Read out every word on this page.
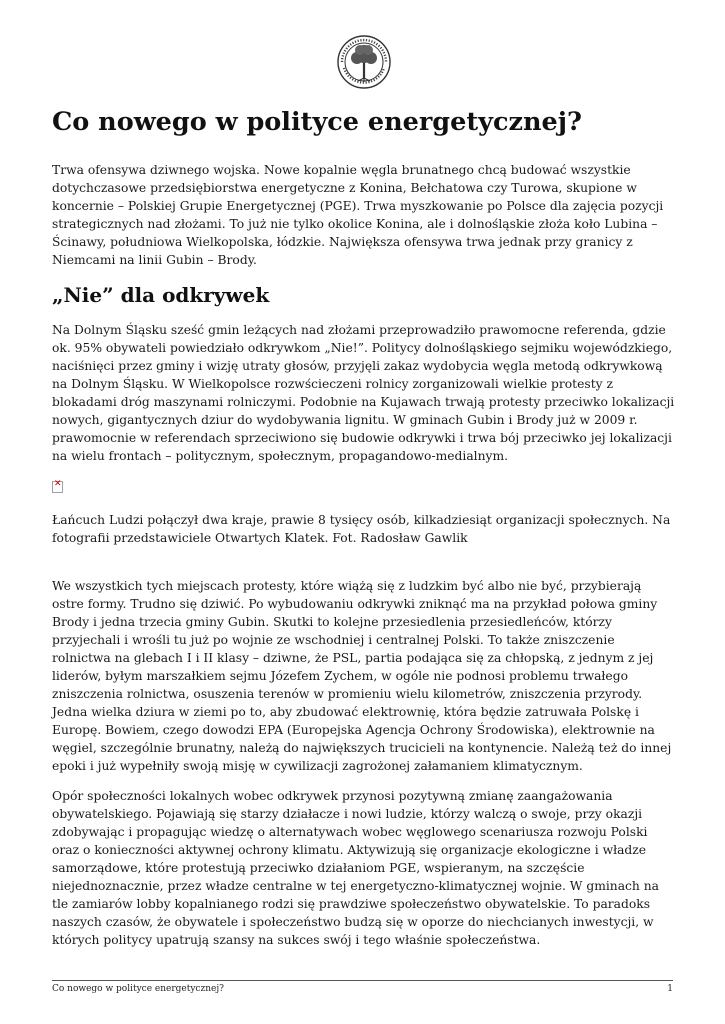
Co nowego w polityce energetycznej?

Trwa ofensywa dziwnego wojska. Nowe kopalnie węgla brunatnego chcą budować wszystkie dotychczasowe przedsiębiorstwa energetyczne z Konina, Bełchatowa czy Turowa, skupione w koncernie – Polskiej Grupie Energetycznej (PGE). Trwa myszkowanie po Polsce dla zajęcia pozycji strategicznych nad złożami. To już nie tylko okolice Konina, ale i dolnośląskie złoża koło Lubina – Ścinawy, południowa Wielkopolska, łódzkie. Największa ofensywa trwa jednak przy granicy z Niemcami na linii Gubin – Brody.

„Nie” dla odkrywek

Na Dolnym Śląsku sześć gmin leżących nad złożami przeprowadziło prawomocne referenda, gdzie ok. 95% obywateli powiedziało odkrywkom „Nie!”. Politycy dolnośląskiego sejmiku wojewódzkiego, naciśnięci przez gminy i wizję utraty głosów, przyjęli zakaz wydobycia węgla metodą odkrywkową na Dolnym Śląsku. W Wielkopolsce rozwścieczeni rolnicy zorganizowali wielkie protesty z blokadami dróg maszynami rolniczymi. Podobnie na Kujawach trwają protesty przeciwko lokalizacji nowych, gigantycznych dziur do wydobywania lignitu. W gminach Gubin i Brody już w 2009 r. prawomocnie w referendach sprzeciwiono się budowie odkrywki i trwa bój przeciwko jej lokalizacji na wielu frontach – politycznym, społecznym, propagandowo-medialnym.

✕

Łańcuch Ludzi połączył dwa kraje, prawie 8 tysięcy osób, kilkadziesiąt organizacji społecznych. Na fotografii przedstawiciele Otwartych Klatek. Fot. Radosław Gawlik

We wszystkich tych miejscach protesty, które wiążą się z ludzkim być albo nie być, przybierają ostre formy. Trudno się dziwić. Po wybudowaniu odkrywki zniknąć ma na przykład połowa gminy Brody i jedna trzecia gminy Gubin. Skutki to kolejne przesiedlenia przesiedleńców, którzy przyjechali i wrośli tu już po wojnie ze wschodniej i centralnej Polski. To także zniszczenie rolnictwa na glebach I i II klasy – dziwne, że PSL, partia podająca się za chłopską, z jednym z jej liderów, byłym marszałkiem sejmu Józefem Zychem, w ogóle nie podnosi problemu trwałego zniszczenia rolnictwa, osuszenia terenów w promieniu wielu kilometrów, zniszczenia przyrody. Jedna wielka dziura w ziemi po to, aby zbudować elektrownię, która będzie zatruwała Polskę i Europę. Bowiem, czego dowodzi EPA (Europejska Agencja Ochrony Środowiska), elektrownie na węgiel, szczególnie brunatny, należą do największych trucicieli na kontynencie. Należą też do innej epoki i już wypełniły swoją misję w cywilizacji zagrożonej załamaniem klimatycznym.

Opór społeczności lokalnych wobec odkrywek przynosi pozytywną zmianę zaangażowania obywatelskiego. Pojawiają się starzy działacze i nowi ludzie, którzy walczą o swoje, przy okazji zdobywając i propagując wiedzę o alternatywach wobec węglowego scenariusza rozwoju Polski oraz o konieczności aktywnej ochrony klimatu. Aktywizują się organizacje ekologiczne i władze samorządowe, które protestują przeciwko działaniom PGE, wspieranym, na szczęście niejednoznacznie, przez władze centralne w tej energetyczno-klimatycznej wojnie. W gminach na tle zamiarów lobby kopalnianego rodzi się prawdziwe społeczeństwo obywatelskie. To paradoks naszych czasów, że obywatele i społeczeństwo budzą się w oporze do niechcianych inwestycji, w których politycy upatrują szansy na sukces swój i tego właśnie społeczeństwa.

Co nowego w polityce energetycznej?	1
